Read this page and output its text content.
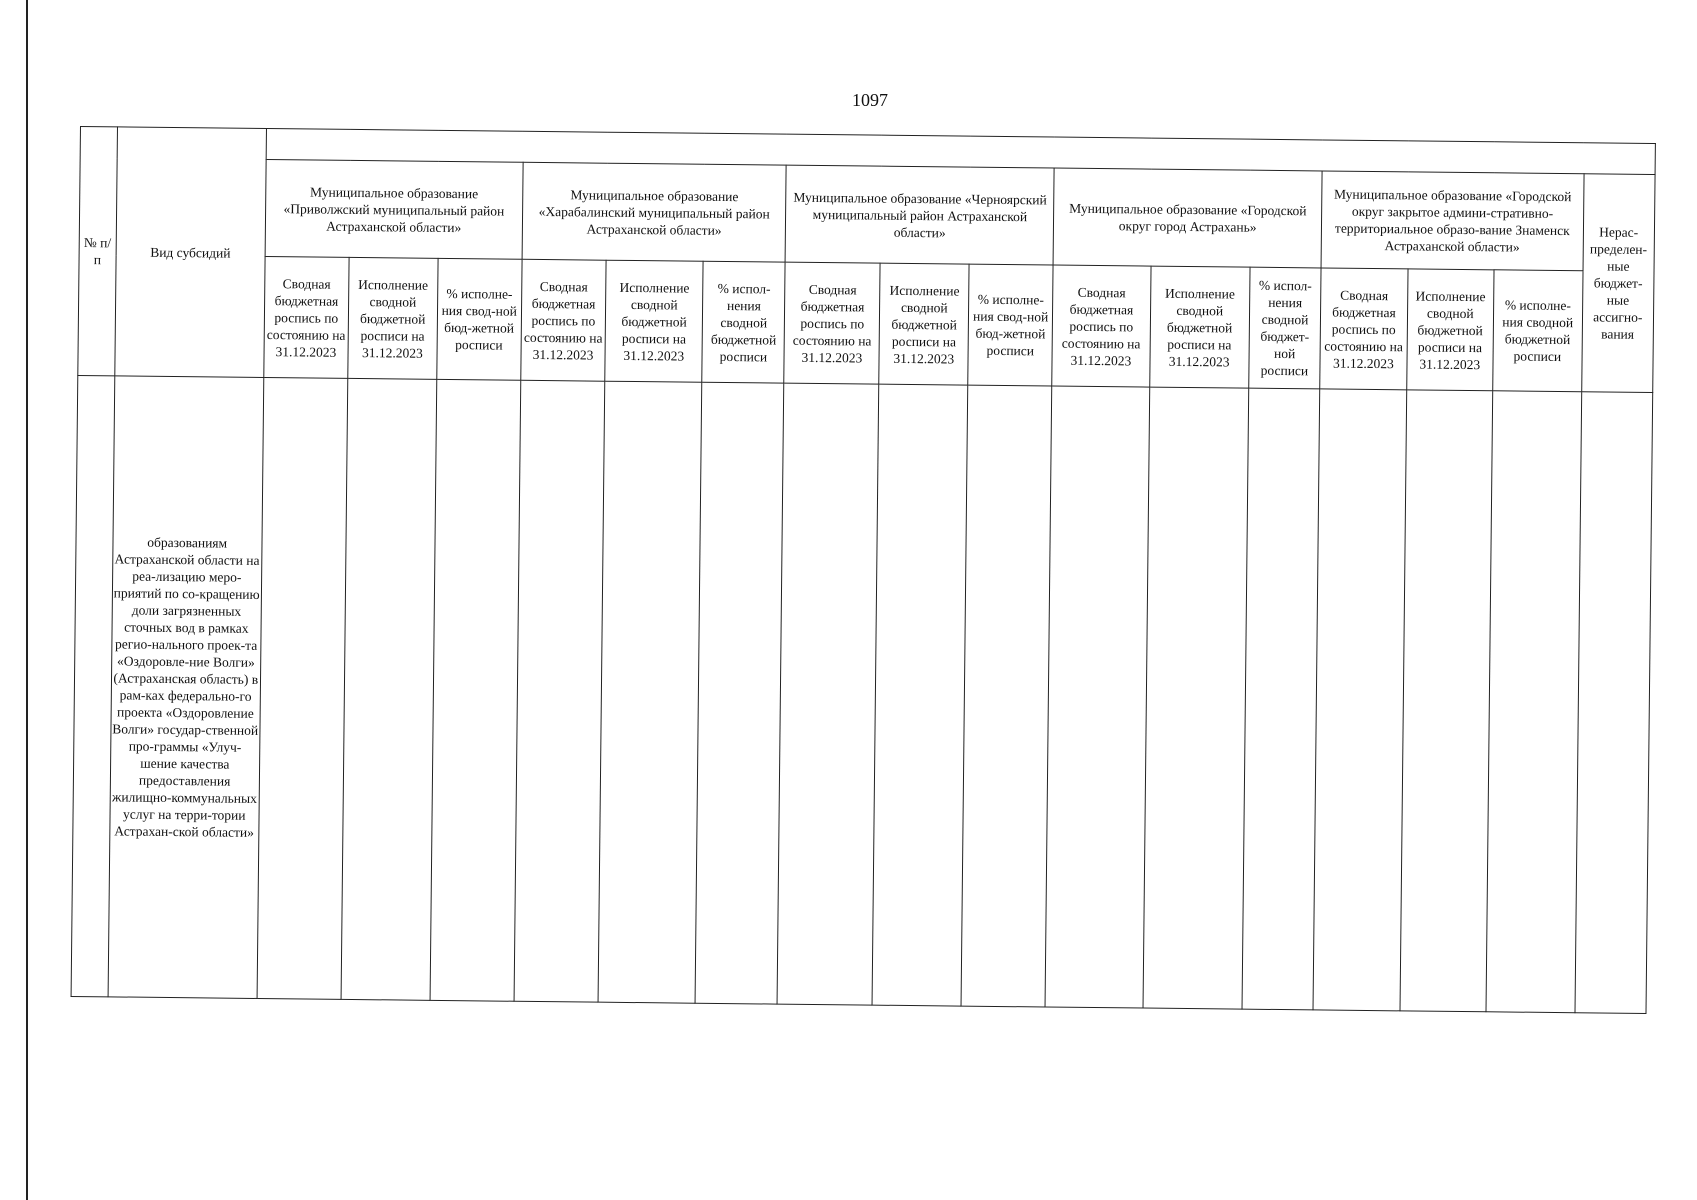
1097
№ п/п	Вид субсидий																
		Муниципальное образование «Приволжский муниципальный район Астраханской области»			Муниципальное образование «Харабалинский муниципальный район Астраханской области»			Муниципальное образование «Черноярский муниципальный район Астраханской области»			Муниципальное образование «Городской округ город Астрахань»			Муниципальное образование «Городской округ закрытое админи-стративно-территориальное образо-вание Знаменск Астраханской области»			Нерас-пределен-ные бюджет-ные ассигно-вания
		Сводная бюджетная роспись по состоянию на 31.12.2023	Исполнение сводной бюджетной росписи на 31.12.2023	% исполне-ния свод-ной бюд-жетной росписи	Сводная бюджетная роспись по состоянию на 31.12.2023	Исполнение сводной бюджетной росписи на 31.12.2023	% испол-нения сводной бюджетной росписи	Сводная бюджетная роспись по состоянию на 31.12.2023	Исполнение сводной бюджетной росписи на 31.12.2023	% исполне-ния свод-ной бюд-жетной росписи	Сводная бюджетная роспись по состоянию на 31.12.2023	Исполнение сводной бюджетной росписи на 31.12.2023	% испол-нения сводной бюджет-ной росписи	Сводная бюджетная роспись по состоянию на 31.12.2023	Исполнение сводной бюджетной росписи на 31.12.2023	% исполне-ния сводной бюджетной росписи	
	образованиям Астраханской области на реа-лизацию меро-приятий по со-кращению доли загрязненных сточных вод в рамках регио-нального проек-та «Оздоровле-ние Волги» (Астраханская область) в рам-ках федерально-го проекта «Оздоровление Волги» государ-ственной про-граммы «Улуч-шение качества предоставления жилищно-коммунальных услуг на терри-тории Астрахан-ской области»																
